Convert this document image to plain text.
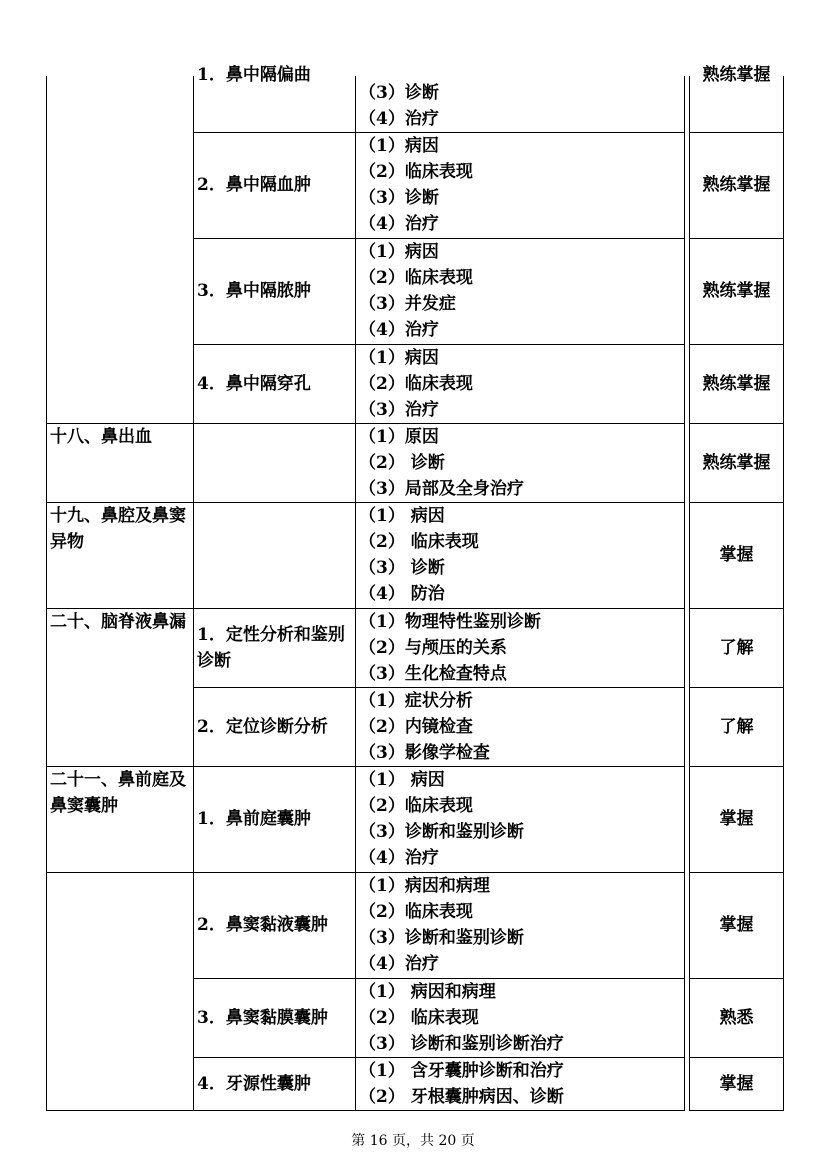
	1．鼻中隔偏曲	（3）诊断
（4）治疗		熟练掌握

	2．鼻中隔血肿	（1）病因
（2）临床表现
（3）诊断
（4）治疗		熟练掌握
	3．鼻中隔脓肿	（1）病因
（2）临床表现
（3）并发症
（4）治疗		熟练掌握
	4．鼻中隔穿孔	（1）病因
（2）临床表现
（3）治疗		熟练掌握
十八、鼻出血		（1）原因
（2） 诊断
（3）局部及全身治疗		熟练掌握
十九、鼻腔及鼻窦异物		（1） 病因
（2） 临床表现
（3） 诊断
（4） 防治		掌握
二十、脑脊液鼻漏	1．定性分析和鉴别诊断	（1）物理特性鉴别诊断
（2）与颅压的关系
（3）生化检查特点		了解
	2．定位诊断分析	（1）症状分析
（2）内镜检查
（3）影像学检查		了解
二十一、鼻前庭及鼻窦囊肿	1．鼻前庭囊肿	（1） 病因
（2）临床表现
（3）诊断和鉴别诊断
（4）治疗		掌握
	2．鼻窦黏液囊肿	（1）病因和病理
（2）临床表现
（3）诊断和鉴别诊断
（4）治疗		掌握
	3．鼻窦黏膜囊肿	（1） 病因和病理
（2） 临床表现
（3） 诊断和鉴别诊断治疗		熟悉
	4．牙源性囊肿	（1） 含牙囊肿诊断和治疗
（2） 牙根囊肿病因、诊断		掌握
第 16 页，共 20 页
